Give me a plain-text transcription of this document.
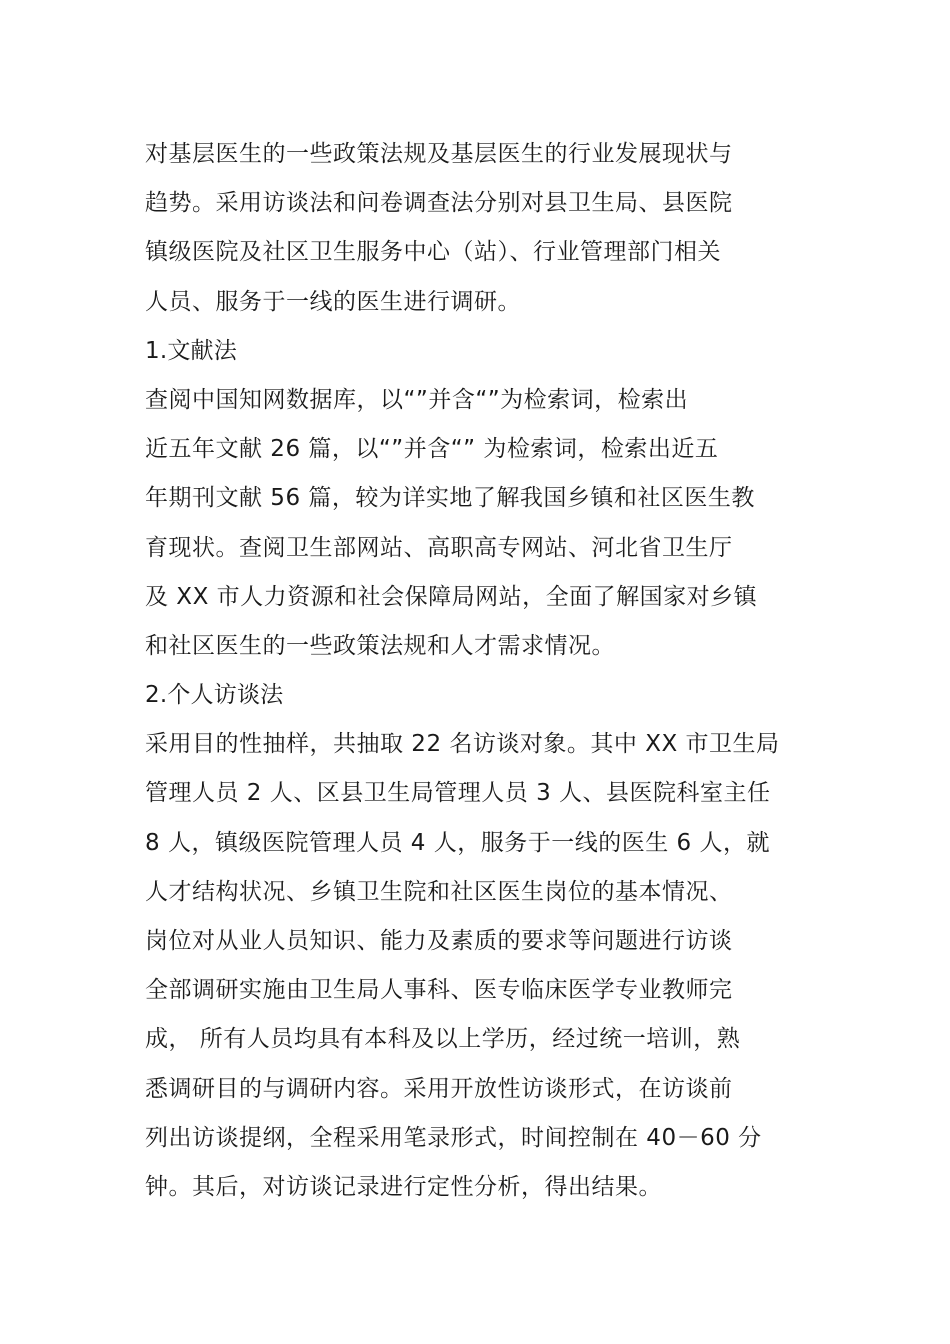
对基层医生的一些政策法规及基层医生的行业发展现状与
趋势。采用访谈法和问卷调查法分别对县卫生局、县医院
镇级医院及社区卫生服务中心（站）、行业管理部门相关
人员、服务于一线的医生进行调研。
1.文献法
查阅中国知网数据库，以“”并含“”为检索词，检索出
近五年文献 26 篇，以“”并含“” 为检索词，检索出近五
年期刊文献 56 篇，较为详实地了解我国乡镇和社区医生教
育现状。查阅卫生部网站、高职高专网站、河北省卫生厅
及 XX 市人力资源和社会保障局网站，全面了解国家对乡镇
和社区医生的一些政策法规和人才需求情况。
2.个人访谈法
采用目的性抽样，共抽取 22 名访谈对象。其中 XX 市卫生局
管理人员 2 人、区县卫生局管理人员 3 人、县医院科室主任
8 人，镇级医院管理人员 4 人，服务于一线的医生 6 人，就
人才结构状况、乡镇卫生院和社区医生岗位的基本情况、
岗位对从业人员知识、能力及素质的要求等问题进行访谈
全部调研实施由卫生局人事科、医专临床医学专业教师完
成， 所有人员均具有本科及以上学历，经过统一培训，熟
悉调研目的与调研内容。采用开放性访谈形式，在访谈前
列出访谈提纲，全程采用笔录形式，时间控制在 40－60 分
钟。其后，对访谈记录进行定性分析，得出结果。
